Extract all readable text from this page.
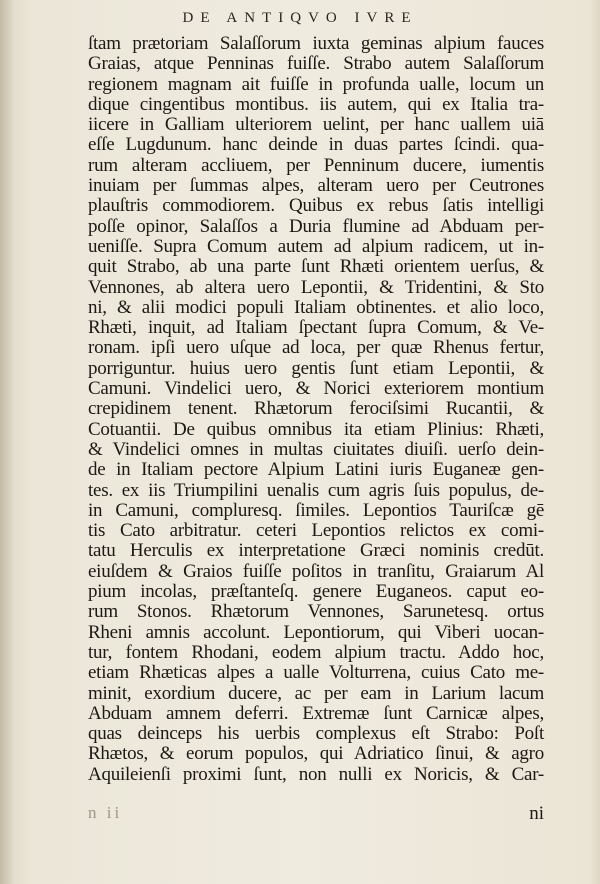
DE ANTIQVO IVRE
ſtam prætoriam Salaſſorum iuxta geminas alpium fauces
Graias, atque Penninas fuiſſe. Strabo autem Salaſſorum
regionem magnam ait fuiſſe in profunda ualle, locum un
dique cingentibus montibus. iis autem, qui ex Italia tra-
iicere in Galliam ulteriorem uelint, per hanc uallem uiā
eſſe Lugdunum. hanc deinde in duas partes ſcindi. qua-
rum alteram accliuem, per Penninum ducere, iumentis
inuiam per ſummas alpes, alteram uero per Ceutrones
plauſtris commodiorem. Quibus ex rebus ſatis intelligi
poſſe opinor, Salaſſos a Duria flumine ad Abduam per-
ueniſſe. Supra Comum autem ad alpium radicem, ut in-
quit Strabo, ab una parte ſunt Rhæti orientem uerſus, &
Vennones, ab altera uero Lepontii, & Tridentini, & Sto
ni, & alii modici populi Italiam obtinentes. et alio loco,
Rhæti, inquit, ad Italiam ſpectant ſupra Comum, & Ve-
ronam. ipſi uero uſque ad loca, per quæ Rhenus fertur,
porriguntur. huius uero gentis ſunt etiam Lepontii, &
Camuni. Vindelici uero, & Norici exteriorem montium
crepidinem tenent. Rhætorum ferociſsimi Rucantii, &
Cotuantii. De quibus omnibus ita etiam Plinius: Rhæti,
& Vindelici omnes in multas ciuitates diuiſi. uerſo dein-
de in Italiam pectore Alpium Latini iuris Euganeæ gen-
tes. ex iis Triumpilini uenalis cum agris ſuis populus, de-
in Camuni, compluresq. ſimiles. Lepontios Tauriſcæ gē
tis Cato arbitratur. ceteri Lepontios relictos ex comi-
tatu Herculis ex interpretatione Græci nominis credūt.
eiuſdem & Graios fuiſſe poſitos in tranſitu, Graiarum Al
pium incolas, præſtanteſq. genere Euganeos. caput eo-
rum Stonos. Rhætorum Vennones, Sarunetesq. ortus
Rheni amnis accolunt. Lepontiorum, qui Viberi uocan-
tur, fontem Rhodani, eodem alpium tractu. Addo hoc,
etiam Rhæticas alpes a ualle Volturrena, cuius Cato me-
minit, exordium ducere, ac per eam in Larium lacum
Abduam amnem deferri. Extremæ ſunt Carnicæ alpes,
quas deinceps his uerbis complexus eſt Strabo: Poſt
Rhætos, & eorum populos, qui Adriatico ſinui, & agro
Aquileienſi proximi ſunt, non nulli ex Noricis, & Car-
n ii	ni
